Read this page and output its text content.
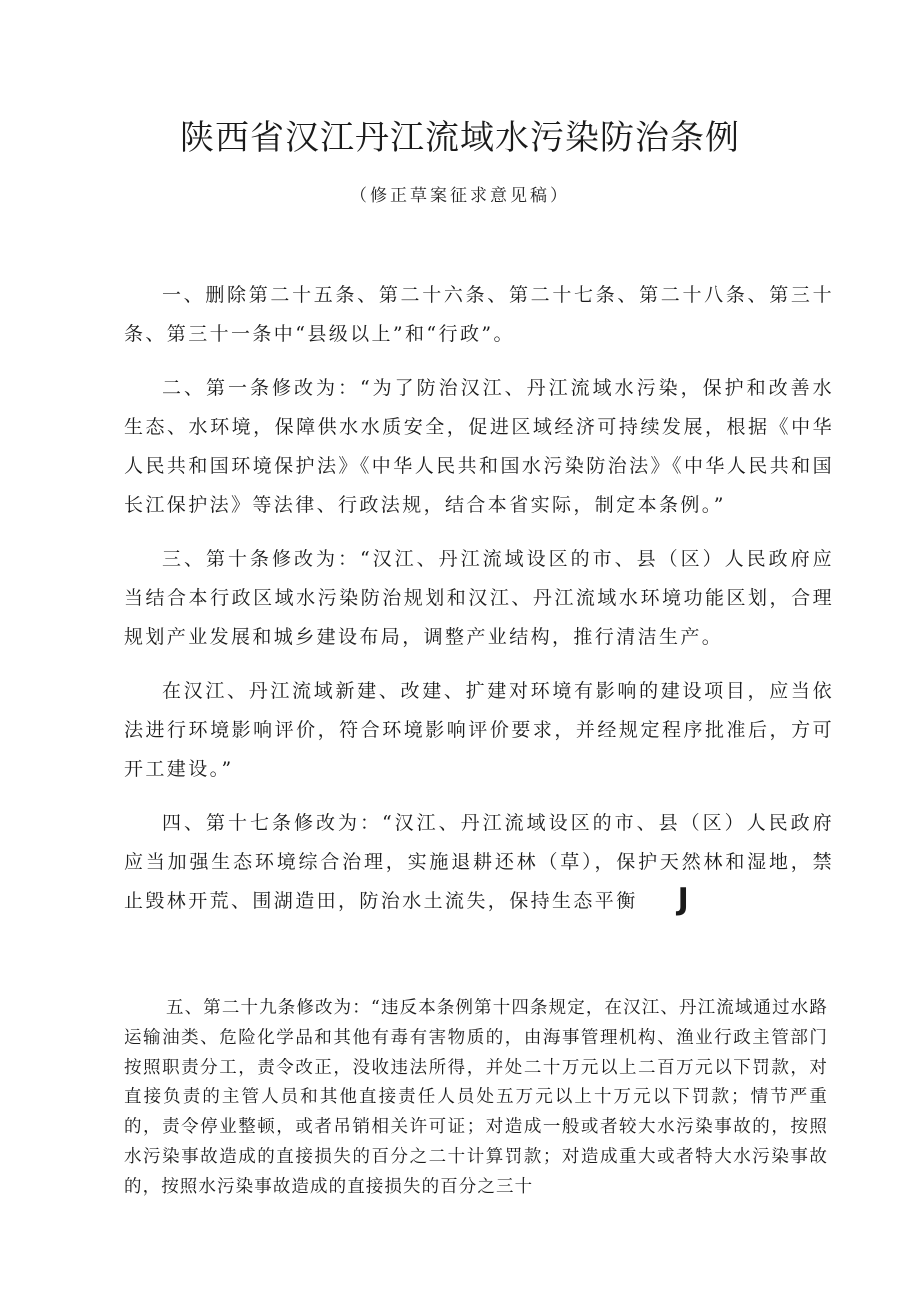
陕西省汉江丹江流域水污染防治条例
（修正草案征求意见稿）

一、删除第二十五条、第二十六条、第二十七条、第二十八条、第三十条、第三十一条中“县级以上”和“行政”。

二、第一条修改为：“为了防治汉江、丹江流域水污染，保护和改善水生态、水环境，保障供水水质安全，促进区域经济可持续发展，根据《中华人民共和国环境保护法》《中华人民共和国水污染防治法》《中华人民共和国长江保护法》等法律、行政法规，结合本省实际，制定本条例。”

三、第十条修改为：“汉江、丹江流域设区的市、县（区）人民政府应当结合本行政区域水污染防治规划和汉江、丹江流域水环境功能区划，合理规划产业发展和城乡建设布局，调整产业结构，推行清洁生产。

在汉江、丹江流域新建、改建、扩建对环境有影响的建设项目，应当依法进行环境影响评价，符合环境影响评价要求，并经规定程序批准后，方可开工建设。”

四、第十七条修改为：“汉江、丹江流域设区的市、县（区）人民政府应当加强生态环境综合治理，实施退耕还林（草），保护天然林和湿地，禁止毁林开荒、围湖造田，防治水土流失，保持生态平衡 J

五、第二十九条修改为：“违反本条例第十四条规定，在汉江、丹江流域通过水路运输油类、危险化学品和其他有毒有害物质的，由海事管理机构、渔业行政主管部门按照职责分工，责令改正，没收违法所得，并处二十万元以上二百万元以下罚款，对直接负责的主管人员和其他直接责任人员处五万元以上十万元以下罚款；情节严重的，责令停业整顿，或者吊销相关许可证；对造成一般或者较大水污染事故的，按照水污染事故造成的直接损失的百分之二十计算罚款；对造成重大或者特大水污染事故的，按照水污染事故造成的直接损失的百分之三十
